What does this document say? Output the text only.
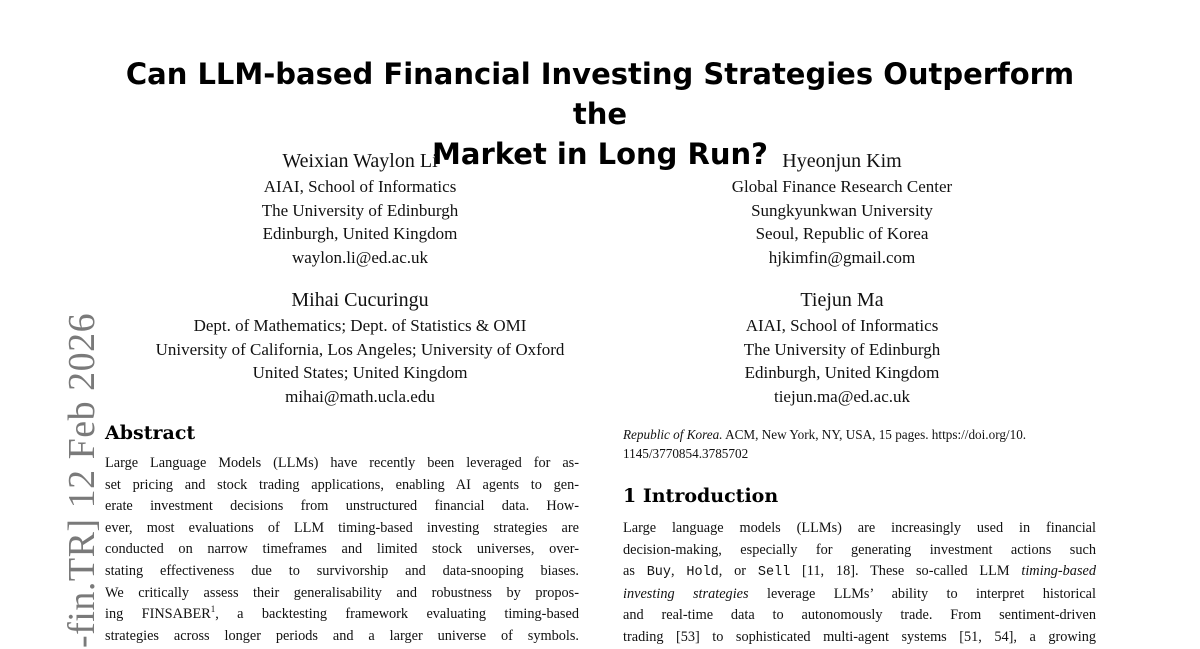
-fin.TR] 12 Feb 2026
Can LLM-based Financial Investing Strategies Outperform the
Market in Long Run?
Weixian Waylon Li
AIAI, School of Informatics
The University of Edinburgh
Edinburgh, United Kingdom
waylon.li@ed.ac.uk
Hyeonjun Kim
Global Finance Research Center
Sungkyunkwan University
Seoul, Republic of Korea
hjkimfin@gmail.com
Mihai Cucuringu
Dept. of Mathematics; Dept. of Statistics & OMI
University of California, Los Angeles; University of Oxford
United States; United Kingdom
mihai@math.ucla.edu
Tiejun Ma
AIAI, School of Informatics
The University of Edinburgh
Edinburgh, United Kingdom
tiejun.ma@ed.ac.uk
Abstract
Large Language Models (LLMs) have recently been leveraged for as-
set pricing and stock trading applications, enabling AI agents to gen-
erate investment decisions from unstructured financial data. How-
ever, most evaluations of LLM timing-based investing strategies are
conducted on narrow timeframes and limited stock universes, over-
stating effectiveness due to survivorship and data-snooping biases.
We critically assess their generalisability and robustness by propos-
ing FINSABER$^1$, a backtesting framework evaluating timing-based
strategies across longer periods and a larger universe of symbols.
Republic of Korea. ACM, New York, NY, USA, 15 pages. https://doi.org/10.
1145/3770854.3785702
1 Introduction
Large language models (LLMs) are increasingly used in financial
decision-making, especially for generating investment actions such
as Buy, Hold, or Sell [11, 18]. These so-called LLM timing-based
investing strategies leverage LLMs’ ability to interpret historical
and real-time data to autonomously trade. From sentiment-driven
trading [53] to sophisticated multi-agent systems [51, 54], a growing
